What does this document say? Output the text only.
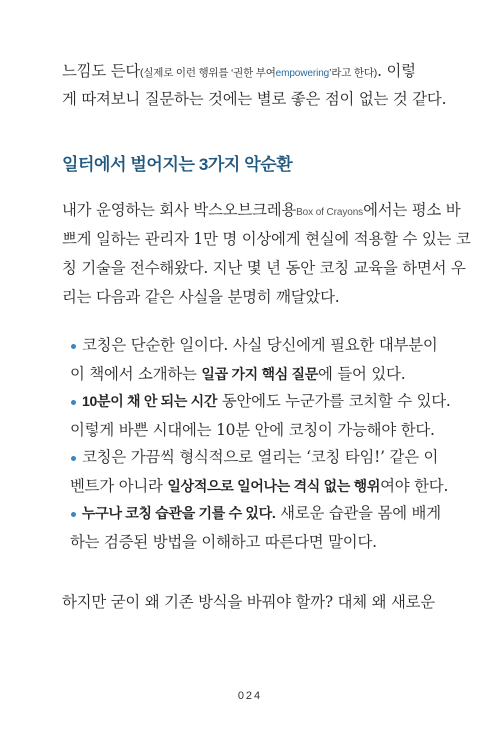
느낌도 든다(실제로 이런 행위를 ‘권한 부여empowering’라고 한다). 이렇
게 따져보니 질문하는 것에는 별로 좋은 점이 없는 것 같다.
일터에서 벌어지는 3가지 악순환
내가 운영하는 회사 박스오브크레용Box of Crayons에서는 평소 바
쁘게 일하는 관리자 1만 명 이상에게 현실에 적용할 수 있는 코
칭 기술을 전수해왔다. 지난 몇 년 동안 코칭 교육을 하면서 우
리는 다음과 같은 사실을 분명히 깨달았다.
코칭은 단순한 일이다. 사실 당신에게 필요한 대부분이
이 책에서 소개하는 일곱 가지 핵심 질문에 들어 있다.
10분이 채 안 되는 시간 동안에도 누군가를 코치할 수 있다.
이렇게 바쁜 시대에는 10분 안에 코칭이 가능해야 한다.
코칭은 가끔씩 형식적으로 열리는 ‘코칭 타임!’ 같은 이
벤트가 아니라 일상적으로 일어나는 격식 없는 행위여야 한다.
누구나 코칭 습관을 기를 수 있다. 새로운 습관을 몸에 배게
하는 검증된 방법을 이해하고 따른다면 말이다.
하지만 굳이 왜 기존 방식을 바꿔야 할까? 대체 왜 새로운
024
